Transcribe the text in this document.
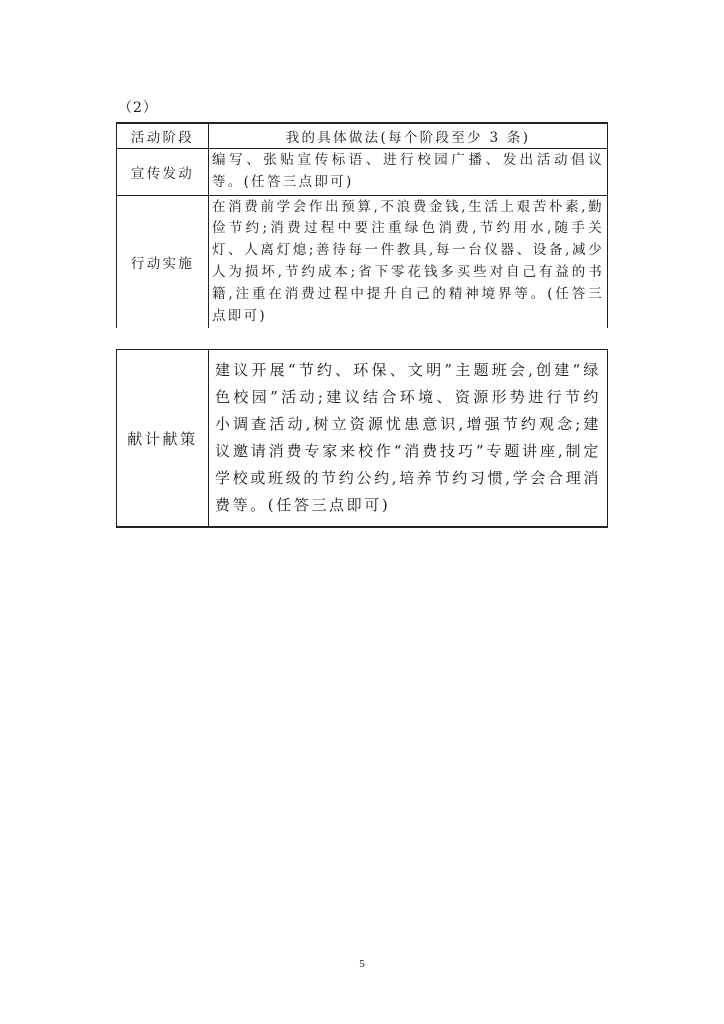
（2）
活动阶段	我的具体做法(每个阶段至少 3 条)
宣传发动	编写、张贴宣传标语、进行校园广播、发出活动倡议等。(任答三点即可)
行动实施	在消费前学会作出预算,不浪费金钱,生活上艰苦朴素,勤俭节约;消费过程中要注重绿色消费,节约用水,随手关灯、人离灯熄;善待每一件教具,每一台仪器、设备,减少人为损坏,节约成本;省下零花钱多买些对自己有益的书籍,注重在消费过程中提升自己的精神境界等。(任答三点即可)
献计献策	建议开展“节约、环保、文明”主题班会,创建“绿色校园”活动;建议结合环境、资源形势进行节约小调查活动,树立资源忧患意识,增强节约观念;建议邀请消费专家来校作“消费技巧”专题讲座,制定学校或班级的节约公约,培养节约习惯,学会合理消费等。(任答三点即可)
5
